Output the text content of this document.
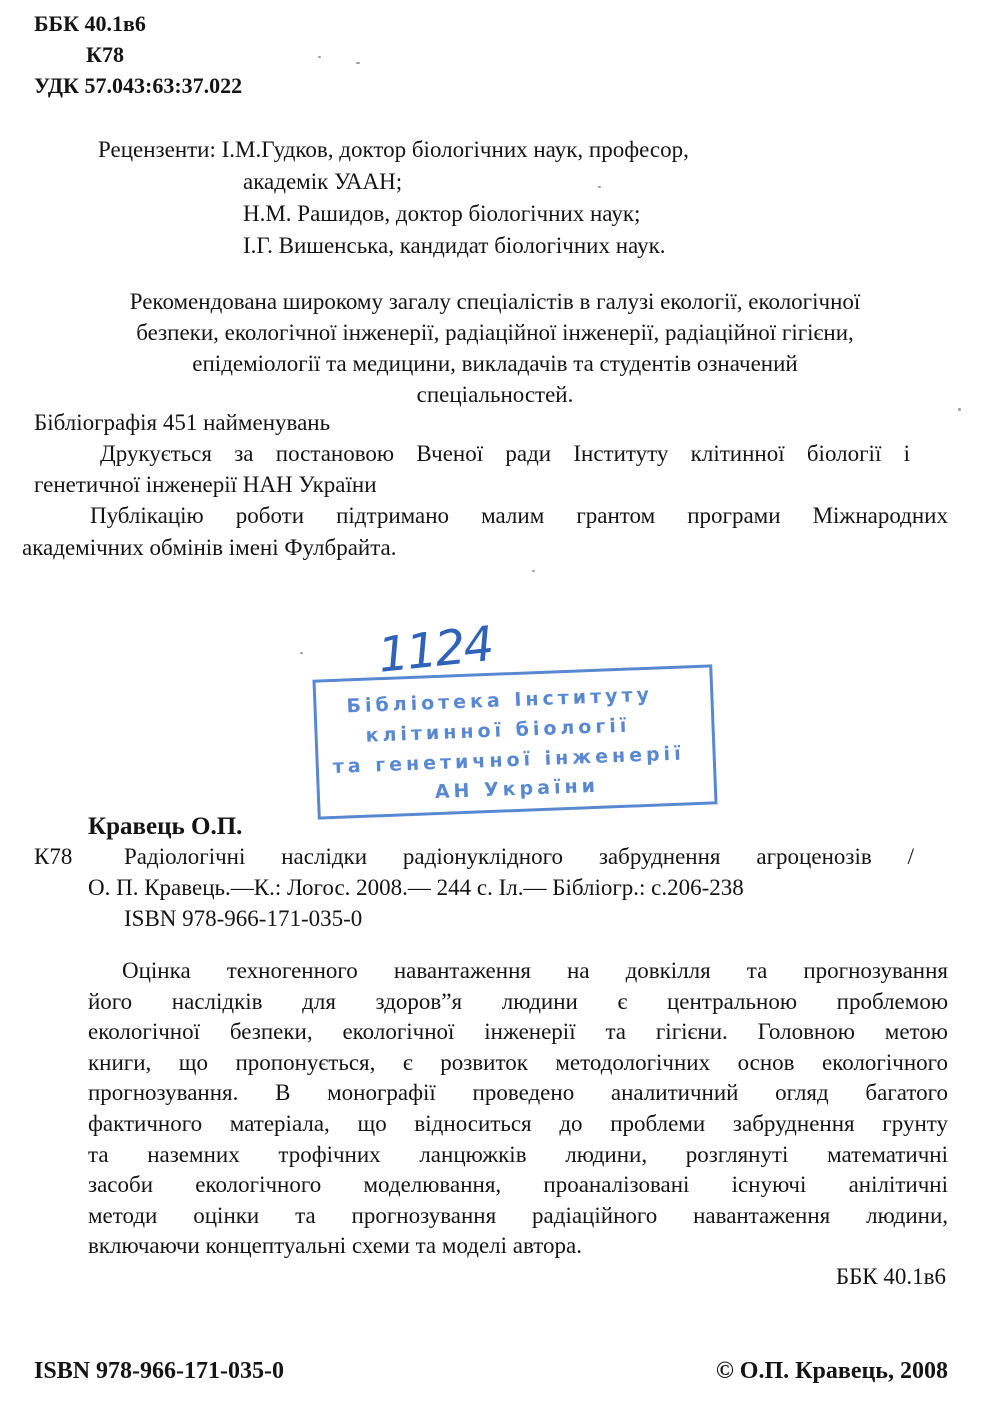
ББК 40.1в6
К78
УДК 57.043:63:37.022
Рецензенти: І.М.Гудков, доктор біологічних наук, професор,
академік УААН;
Н.М. Рашидов, доктор біологічних наук;
І.Г. Вишенська, кандидат біологічних наук.
Рекомендована широкому загалу спеціалістів в галузі екології, екологічної
безпеки, екологічної інженерії, радіаційної інженерії, радіаційної гігієни,
епідеміології та медицини, викладачів та студентів означений
спеціальностей.
Бібліографія 451 найменувань
Друкується за постановою Вченої ради Інституту клітинної біології і
генетичної інженерії НАН України
Публікацію роботи підтримано малим грантом програми Міжнародних
академічних обмінів імені Фулбрайта.
1124
Бібліотека Інституту
клітинної біології
та генетичної інженерії
АН України
Кравець О.П.
К78 Радіологічні наслідки радіонуклідного забруднення агроценозів /
О. П. Кравець.—К.: Логос. 2008.— 244 с. Іл.— Бібліогр.: с.206-238
ISBN 978-966-171-035-0
Оцінка техногенного навантаження на довкілля та прогнозування
його наслідків для здоров”я людини є центральною проблемою
екологічної безпеки, екологічної інженерії та гігієни. Головною метою
книги, що пропонується, є розвиток методологічних основ екологічного
прогнозування. В монографії проведено аналитичний огляд багатого
фактичного матеріала, що відноситься до проблеми забруднення грунту
та наземних трофічних ланцюжків людини, розглянуті математичні
засоби екологічного моделювання, проаналізовані існуючі анілітичні
методи оцінки та прогнозування радіаційного навантаження людини,
включаючи концептуальні схеми та моделі автора.
ББК 40.1в6
ISBN 978-966-171-035-0	© О.П. Кравець, 2008
